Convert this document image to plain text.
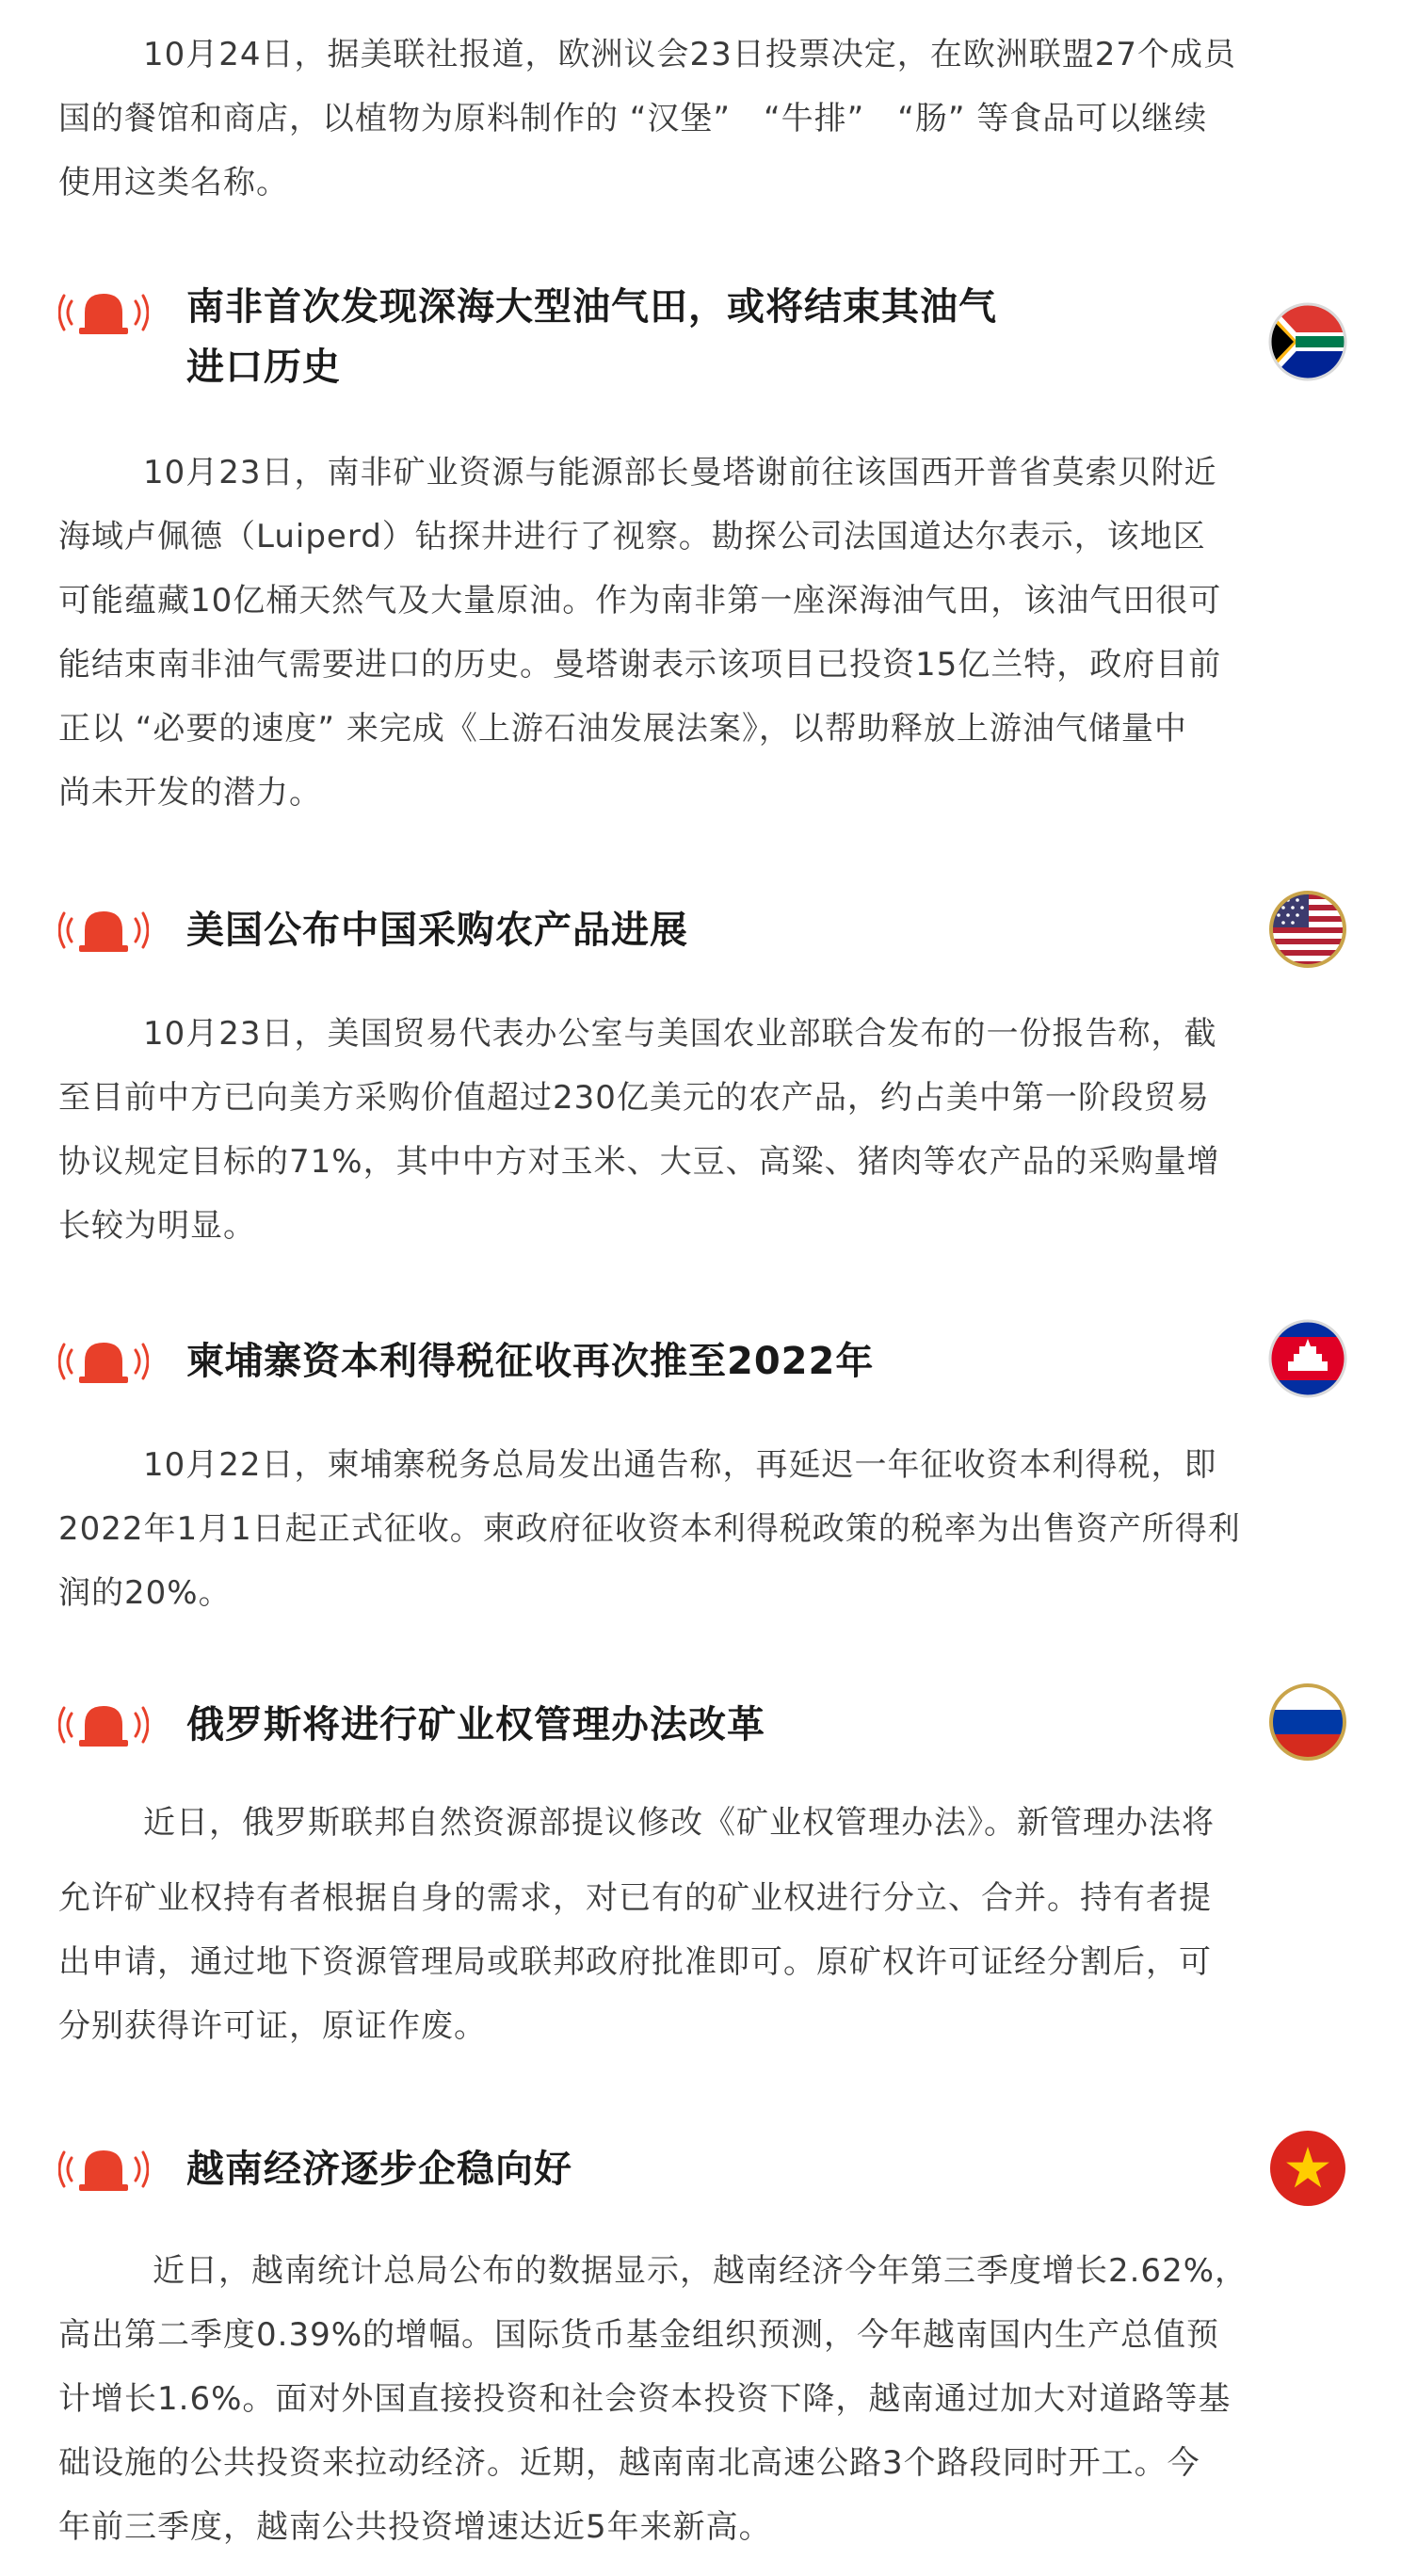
10月24日，据美联社报道，欧洲议会23日投票决定，在欧洲联盟27个成员
国的餐馆和商店，以植物为原料制作的 “汉堡”　“牛排”　“肠” 等食品可以继续
使用这类名称。

南非首次发现深海大型油气田，或将结束其油气
进口历史

10月23日，南非矿业资源与能源部长曼塔谢前往该国西开普省莫索贝附近
海域卢佩德（Luiperd）钻探井进行了视察。勘探公司法国道达尔表示，该地区
可能蕴藏10亿桶天然气及大量原油。作为南非第一座深海油气田，该油气田很可
能结束南非油气需要进口的历史。曼塔谢表示该项目已投资15亿兰特，政府目前
正以 “必要的速度” 来完成《上游石油发展法案》，以帮助释放上游油气储量中
尚未开发的潜力。

美国公布中国采购农产品进展

10月23日，美国贸易代表办公室与美国农业部联合发布的一份报告称，截
至目前中方已向美方采购价值超过230亿美元的农产品，约占美中第一阶段贸易
协议规定目标的71%，其中中方对玉米、大豆、高粱、猪肉等农产品的采购量增
长较为明显。

柬埔寨资本利得税征收再次推至2022年

10月22日，柬埔寨税务总局发出通告称，再延迟一年征收资本利得税，即
2022年1月1日起正式征收。柬政府征收资本利得税政策的税率为出售资产所得利
润的20%。

俄罗斯将进行矿业权管理办法改革

近日，俄罗斯联邦自然资源部提议修改《矿业权管理办法》。新管理办法将
允许矿业权持有者根据自身的需求，对已有的矿业权进行分立、合并。持有者提
出申请，通过地下资源管理局或联邦政府批准即可。原矿权许可证经分割后，可
分别获得许可证，原证作废。

越南经济逐步企稳向好

近日，越南统计总局公布的数据显示，越南经济今年第三季度增长2.62%，
高出第二季度0.39%的增幅。国际货币基金组织预测，今年越南国内生产总值预
计增长1.6%。面对外国直接投资和社会资本投资下降，越南通过加大对道路等基
础设施的公共投资来拉动经济。近期，越南南北高速公路3个路段同时开工。今
年前三季度，越南公共投资增速达近5年来新高。
